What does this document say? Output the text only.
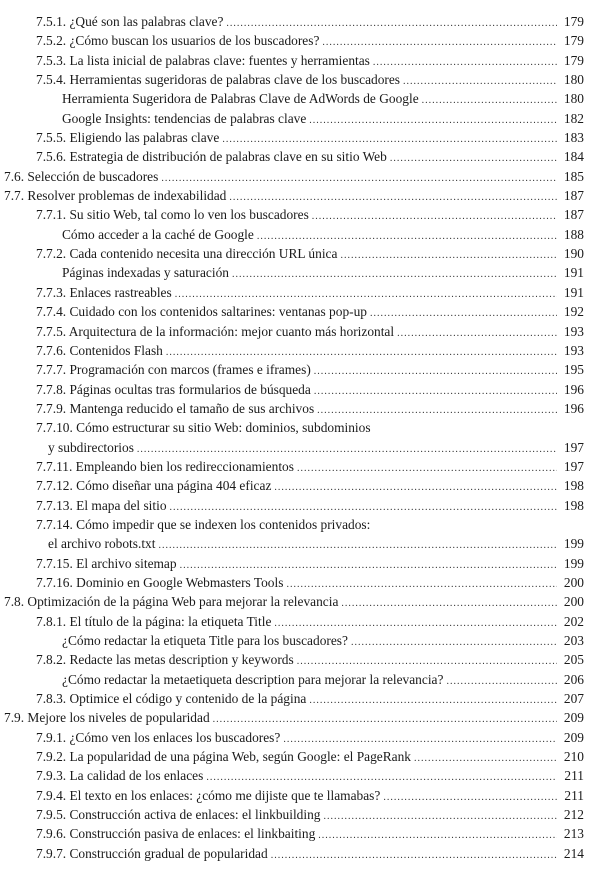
7.5.1. ¿Qué son las palabras clave? .....	179
7.5.2. ¿Cómo buscan los usuarios de los buscadores? .....	179
7.5.3. La lista inicial de palabras clave: fuentes y herramientas .....	179
7.5.4. Herramientas sugeridoras de palabras clave de los buscadores .....	180
Herramienta Sugeridora de Palabras Clave de AdWords de Google .....	180
Google Insights: tendencias de palabras clave .....	182
7.5.5. Eligiendo las palabras clave .....	183
7.5.6. Estrategia de distribución de palabras clave en su sitio Web .....	184
7.6. Selección de buscadores .....	185
7.7. Resolver problemas de indexabilidad .....	187
7.7.1. Su sitio Web, tal como lo ven los buscadores .....	187
Cómo acceder a la caché de Google .....	188
7.7.2. Cada contenido necesita una dirección URL única .....	190
Páginas indexadas y saturación .....	191
7.7.3. Enlaces rastreables .....	191
7.7.4. Cuidado con los contenidos saltarines: ventanas pop-up .....	192
7.7.5. Arquitectura de la información: mejor cuanto más horizontal .....	193
7.7.6. Contenidos Flash .....	193
7.7.7. Programación con marcos (frames e iframes) .....	195
7.7.8. Páginas ocultas tras formularios de búsqueda .....	196
7.7.9. Mantenga reducido el tamaño de sus archivos .....	196
7.7.10. Cómo estructurar su sitio Web: dominios, subdominios
y subdirectorios .....	197
7.7.11. Empleando bien los redireccionamientos .....	197
7.7.12. Cómo diseñar una página 404 eficaz .....	198
7.7.13. El mapa del sitio .....	198
7.7.14. Cómo impedir que se indexen los contenidos privados:
el archivo robots.txt .....	199
7.7.15. El archivo sitemap .....	199
7.7.16. Dominio en Google Webmasters Tools .....	200
7.8. Optimización de la página Web para mejorar la relevancia .....	200
7.8.1. El título de la página: la etiqueta Title .....	202
¿Cómo redactar la etiqueta Title para los buscadores? .....	203
7.8.2. Redacte las metas description y keywords .....	205
¿Cómo redactar la metaetiqueta description para mejorar la relevancia? .....	206
7.8.3. Optimice el código y contenido de la página .....	207
7.9. Mejore los niveles de popularidad .....	209
7.9.1. ¿Cómo ven los enlaces los buscadores? .....	209
7.9.2. La popularidad de una página Web, según Google: el PageRank .....	210
7.9.3. La calidad de los enlaces .....	211
7.9.4. El texto en los enlaces: ¿cómo me dijiste que te llamabas? .....	211
7.9.5. Construcción activa de enlaces: el linkbuilding .....	212
7.9.6. Construcción pasiva de enlaces: el linkbaiting .....	213
7.9.7. Construcción gradual de popularidad .....	214
